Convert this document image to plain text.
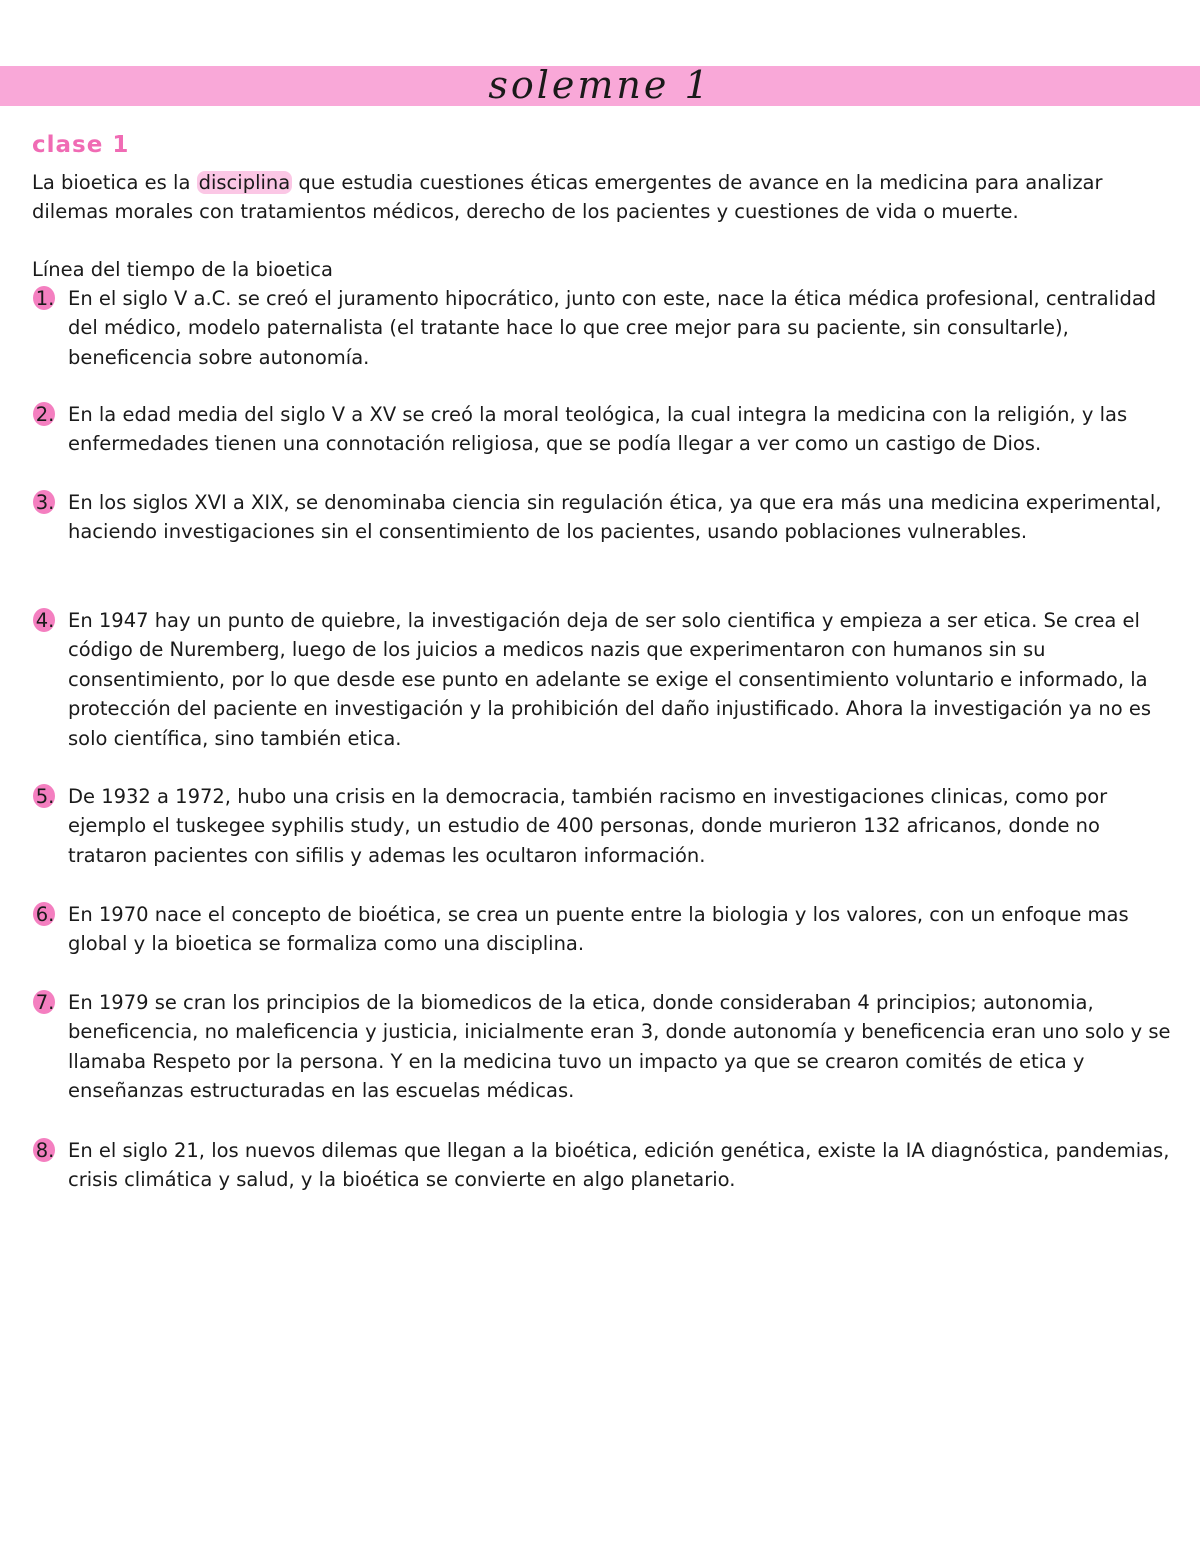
solemne 1
clase 1
La bioetica es la disciplina que estudia cuestiones éticas emergentes de avance en la medicina para analizar dilemas morales con tratamientos médicos, derecho de los pacientes y cuestiones de vida o muerte.
Línea del tiempo de la bioetica
1. En el siglo V a.C. se creó el juramento hipocrático, junto con este, nace la ética médica profesional, centralidad del médico, modelo paternalista (el tratante hace lo que cree mejor para su paciente, sin consultarle), beneficencia sobre autonomía.
2. En la edad media del siglo V a XV se creó la moral teológica, la cual integra la medicina con la religión, y las enfermedades tienen una connotación religiosa, que se podía llegar a ver como un castigo de Dios.
3. En los siglos XVI a XIX, se denominaba ciencia sin regulación ética, ya que era más una medicina experimental, haciendo investigaciones sin el consentimiento de los pacientes, usando poblaciones vulnerables.
4. En 1947 hay un punto de quiebre, la investigación deja de ser solo cientifica y empieza a ser etica. Se crea el código de Nuremberg, luego de los juicios a medicos nazis que experimentaron con humanos sin su consentimiento, por lo que desde ese punto en adelante se exige el consentimiento voluntario e informado, la protección del paciente en investigación y la prohibición del daño injustificado. Ahora la investigación ya no es solo científica, sino también etica.
5. De 1932 a 1972, hubo una crisis en la democracia, también racismo en investigaciones clinicas, como por ejemplo el tuskegee syphilis study, un estudio de 400 personas, donde murieron 132 africanos, donde no trataron pacientes con sifilis y ademas les ocultaron información.
6. En 1970 nace el concepto de bioética, se crea un puente entre la biologia y los valores, con un enfoque mas global y la bioetica se formaliza como una disciplina.
7. En 1979 se cran los principios de la biomedicos de la etica, donde consideraban 4 principios; autonomia, beneficencia, no maleficencia y justicia, inicialmente eran 3, donde autonomía y beneficencia eran uno solo y se llamaba Respeto por la persona. Y en la medicina tuvo un impacto ya que se crearon comités de etica y enseñanzas estructuradas en las escuelas médicas.
8. En el siglo 21, los nuevos dilemas que llegan a la bioética, edición genética, existe la IA diagnóstica, pandemias, crisis climática y salud, y la bioética se convierte en algo planetario.
